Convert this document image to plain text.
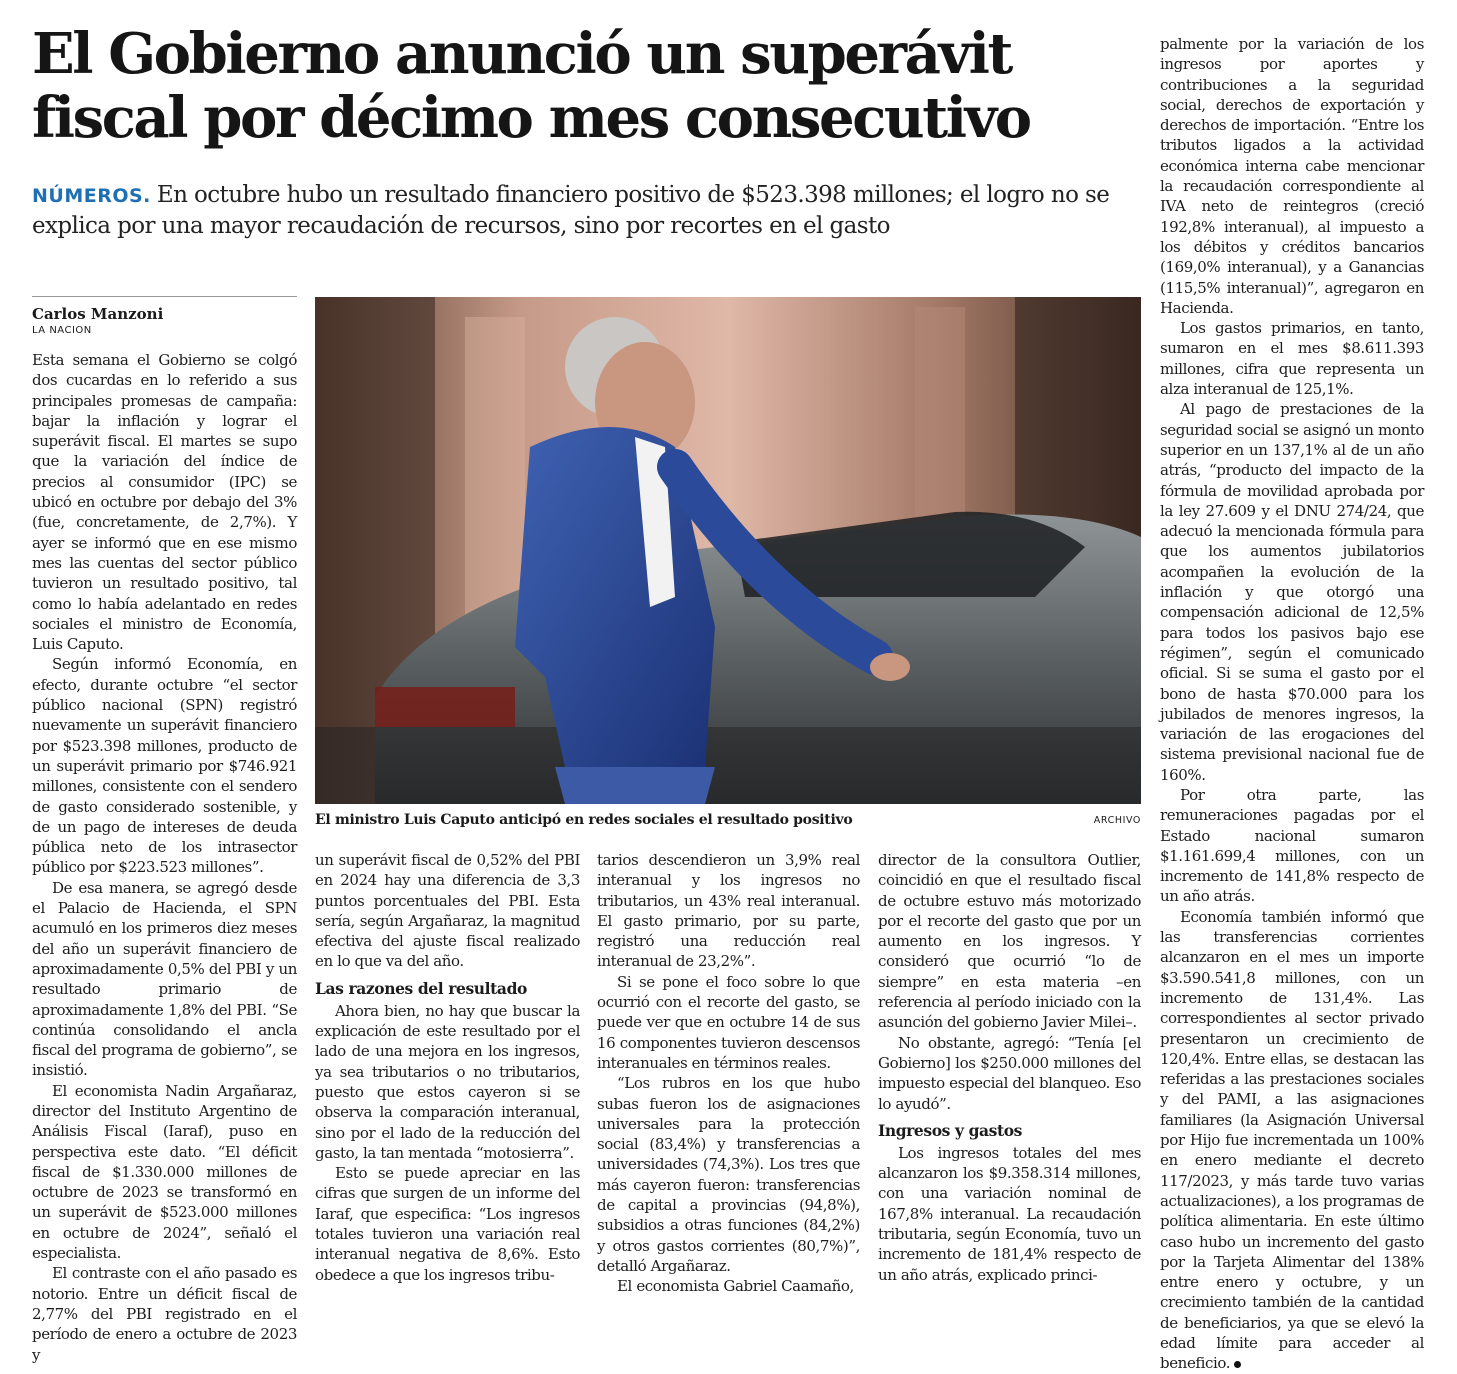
El Gobierno anunció un superávit fiscal por décimo mes consecutivo

NÚMEROS. En octubre hubo un resultado financiero positivo de $523.398 millones; el logro no se explica por una mayor recaudación de recursos, sino por recortes en el gasto

Carlos Manzoni
LA NACION

Esta semana el Gobierno se colgó dos cucardas en lo referido a sus principales promesas de campaña: bajar la inflación y lograr el superávit fiscal. El martes se supo que la variación del índice de precios al consumidor (IPC) se ubicó en octubre por debajo del 3% (fue, concretamente, de 2,7%). Y ayer se informó que en ese mismo mes las cuentas del sector público tuvieron un resultado positivo, tal como lo había adelantado en redes sociales el ministro de Economía, Luis Caputo.

Según informó Economía, en efecto, durante octubre “el sector público nacional (SPN) registró nuevamente un superávit financiero por $523.398 millones, producto de un superávit primario por $746.921 millones, consistente con el sendero de gasto considerado sostenible, y de un pago de intereses de deuda pública neto de los intrasector público por $223.523 millones”.

De esa manera, se agregó desde el Palacio de Hacienda, el SPN acumuló en los primeros diez meses del año un superávit financiero de aproximadamente 0,5% del PBI y un resultado primario de aproximadamente 1,8% del PBI. “Se continúa consolidando el ancla fiscal del programa de gobierno”, se insistió.

El economista Nadin Argañaraz, director del Instituto Argentino de Análisis Fiscal (Iaraf), puso en perspectiva este dato. “El déficit fiscal de $1.330.000 millones de octubre de 2023 se transformó en un superávit de $523.000 millones en octubre de 2024”, señaló el especialista.

El contraste con el año pasado es notorio. Entre un déficit fiscal de 2,77% del PBI registrado en el período de enero a octubre de 2023 y

El ministro Luis Caputo anticipó en redes sociales el resultado positivo	ARCHIVO

un superávit fiscal de 0,52% del PBI en 2024 hay una diferencia de 3,3 puntos porcentuales del PBI. Esta sería, según Argañaraz, la magnitud efectiva del ajuste fiscal realizado en lo que va del año.

Las razones del resultado

Ahora bien, no hay que buscar la explicación de este resultado por el lado de una mejora en los ingresos, ya sea tributarios o no tributarios, puesto que estos cayeron si se observa la comparación interanual, sino por el lado de la reducción del gasto, la tan mentada “motosierra”.

Esto se puede apreciar en las cifras que surgen de un informe del Iaraf, que especifica: “Los ingresos totales tuvieron una variación real interanual negativa de 8,6%. Esto obedece a que los ingresos tribu-

tarios descendieron un 3,9% real interanual y los ingresos no tributarios, un 43% real interanual. El gasto primario, por su parte, registró una reducción real interanual de 23,2%”.

Si se pone el foco sobre lo que ocurrió con el recorte del gasto, se puede ver que en octubre 14 de sus 16 componentes tuvieron descensos interanuales en términos reales.

“Los rubros en los que hubo subas fueron los de asignaciones universales para la protección social (83,4%) y transferencias a universidades (74,3%). Los tres que más cayeron fueron: transferencias de capital a provincias (94,8%), subsidios a otras funciones (84,2%) y otros gastos corrientes (80,7%)”, detalló Argañaraz.

El economista Gabriel Caamaño,

director de la consultora Outlier, coincidió en que el resultado fiscal de octubre estuvo más motorizado por el recorte del gasto que por un aumento en los ingresos. Y consideró que ocurrió “lo de siempre” en esta materia –en referencia al período iniciado con la asunción del gobierno Javier Milei–.

No obstante, agregó: “Tenía [el Gobierno] los $250.000 millones del impuesto especial del blanqueo. Eso lo ayudó”.

Ingresos y gastos

Los ingresos totales del mes alcanzaron los $9.358.314 millones, con una variación nominal de 167,8% interanual. La recaudación tributaria, según Economía, tuvo un incremento de 181,4% respecto de un año atrás, explicado princi-

palmente por la variación de los ingresos por aportes y contribuciones a la seguridad social, derechos de exportación y derechos de importación. “Entre los tributos ligados a la actividad económica interna cabe mencionar la recaudación correspondiente al IVA neto de reintegros (creció 192,8% interanual), al impuesto a los débitos y créditos bancarios (169,0% interanual), y a Ganancias (115,5% interanual)”, agregaron en Hacienda.

Los gastos primarios, en tanto, sumaron en el mes $8.611.393 millones, cifra que representa un alza interanual de 125,1%.

Al pago de prestaciones de la seguridad social se asignó un monto superior en un 137,1% al de un año atrás, “producto del impacto de la fórmula de movilidad aprobada por la ley 27.609 y el DNU 274/24, que adecuó la mencionada fórmula para que los aumentos jubilatorios acompañen la evolución de la inflación y que otorgó una compensación adicional de 12,5% para todos los pasivos bajo ese régimen”, según el comunicado oficial. Si se suma el gasto por el bono de hasta $70.000 para los jubilados de menores ingresos, la variación de las erogaciones del sistema previsional nacional fue de 160%.

Por otra parte, las remuneraciones pagadas por el Estado nacional sumaron $1.161.699,4 millones, con un incremento de 141,8% respecto de un año atrás.

Economía también informó que las transferencias corrientes alcanzaron en el mes un importe $3.590.541,8 millones, con un incremento de 131,4%. Las correspondientes al sector privado presentaron un crecimiento de 120,4%. Entre ellas, se destacan las referidas a las prestaciones sociales y del PAMI, a las asignaciones familiares (la Asignación Universal por Hijo fue incrementada un 100% en enero mediante el decreto 117/2023, y más tarde tuvo varias actualizaciones), a los programas de política alimentaria. En este último caso hubo un incremento del gasto por la Tarjeta Alimentar del 138% entre enero y octubre, y un crecimiento también de la cantidad de beneficiarios, ya que se elevó la edad límite para acceder al beneficio.
